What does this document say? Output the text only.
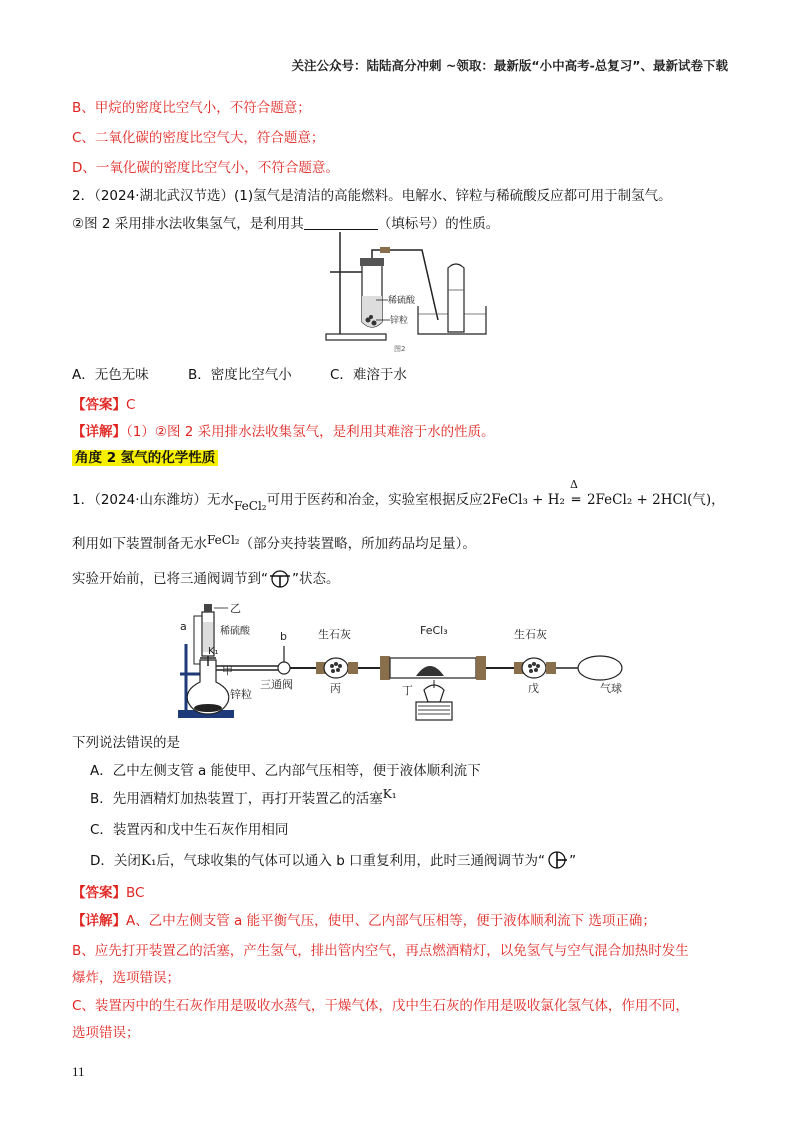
关注公众号：陆陆高分冲刺 ~领取：最新版“小中高考-总复习”、最新试卷下载
B、甲烷的密度比空气小，不符合题意；
C、二氧化碳的密度比空气大，符合题意；
D、一氧化碳的密度比空气小，不符合题意。
2．（2024·湖北武汉节选）(1)氢气是清洁的高能燃料。电解水、锌粒与稀硫酸反应都可用于制氢气。
②图 2 采用排水法收集氢气，是利用其	（填标号）的性质。
稀硫酸
锌粒
图2
A．无色无味	B．密度比空气小	C．难溶于水
【答案】C
【详解】（1）②图 2 采用排水法收集氢气，是利用其难溶于水的性质。
角度 2 氢气的化学性质
1．（2024·山东潍坊）无水FeCl₂可用于医药和冶金，实验室根据反应2FeCl₃ + H₂
Δ
═ 2FeCl₂ + 2HCl(气)，
利用如下装置制备无水FeCl₂（部分夹持装置略，所加药品均足量）。
实验开始前，已将三通阀调节到“ ”状态。
乙
a	稀硫酸
K₁
b
甲
三通阀
锌粒
生石灰
丙
FeCl₃
丁
生石灰
戊	气球
下列说法错误的是
A．乙中左侧支管 a 能使甲、乙内部气压相等，便于液体顺利流下
B．先用酒精灯加热装置丁，再打开装置乙的活塞K₁
C．装置丙和戊中生石灰作用相同
D．关闭K₁后，气球收集的气体可以通入 b 口重复利用，此时三通阀调节为“ ”
【答案】BC
【详解】A、乙中左侧支管 a 能平衡气压，使甲、乙内部气压相等，便于液体顺利流下 选项正确；
B、应先打开装置乙的活塞，产生氢气，排出管内空气，再点燃酒精灯，以免氢气与空气混合加热时发生
爆炸，选项错误；
C、装置丙中的生石灰作用是吸收水蒸气，干燥气体，戊中生石灰的作用是吸收氯化氢气体，作用不同，
选项错误；
11
